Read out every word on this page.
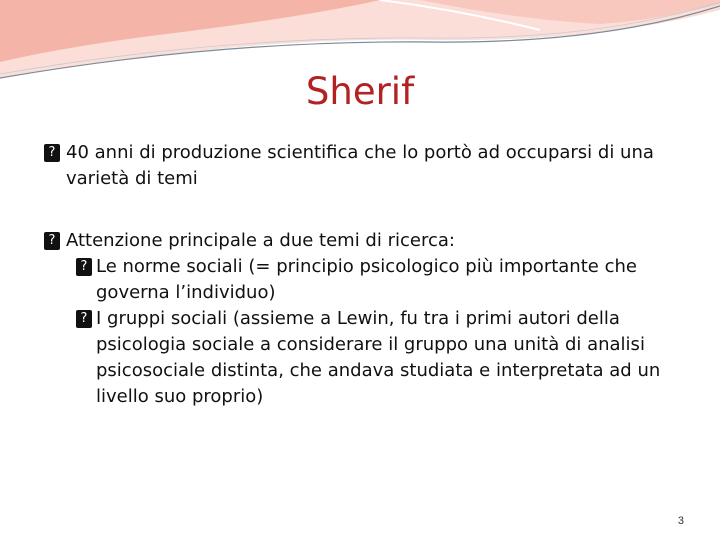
Sherif
? 40 anni di produzione scientifica che lo portò ad occuparsi di una varietà di temi
? Attenzione principale a due temi di ricerca:
? Le norme sociali (= principio psicologico più importante che governa l’individuo)
? I gruppi sociali (assieme a Lewin, fu tra i primi autori della psicologia sociale a considerare il gruppo una unità di analisi psicosociale distinta, che andava studiata e interpretata ad un livello suo proprio)
3
